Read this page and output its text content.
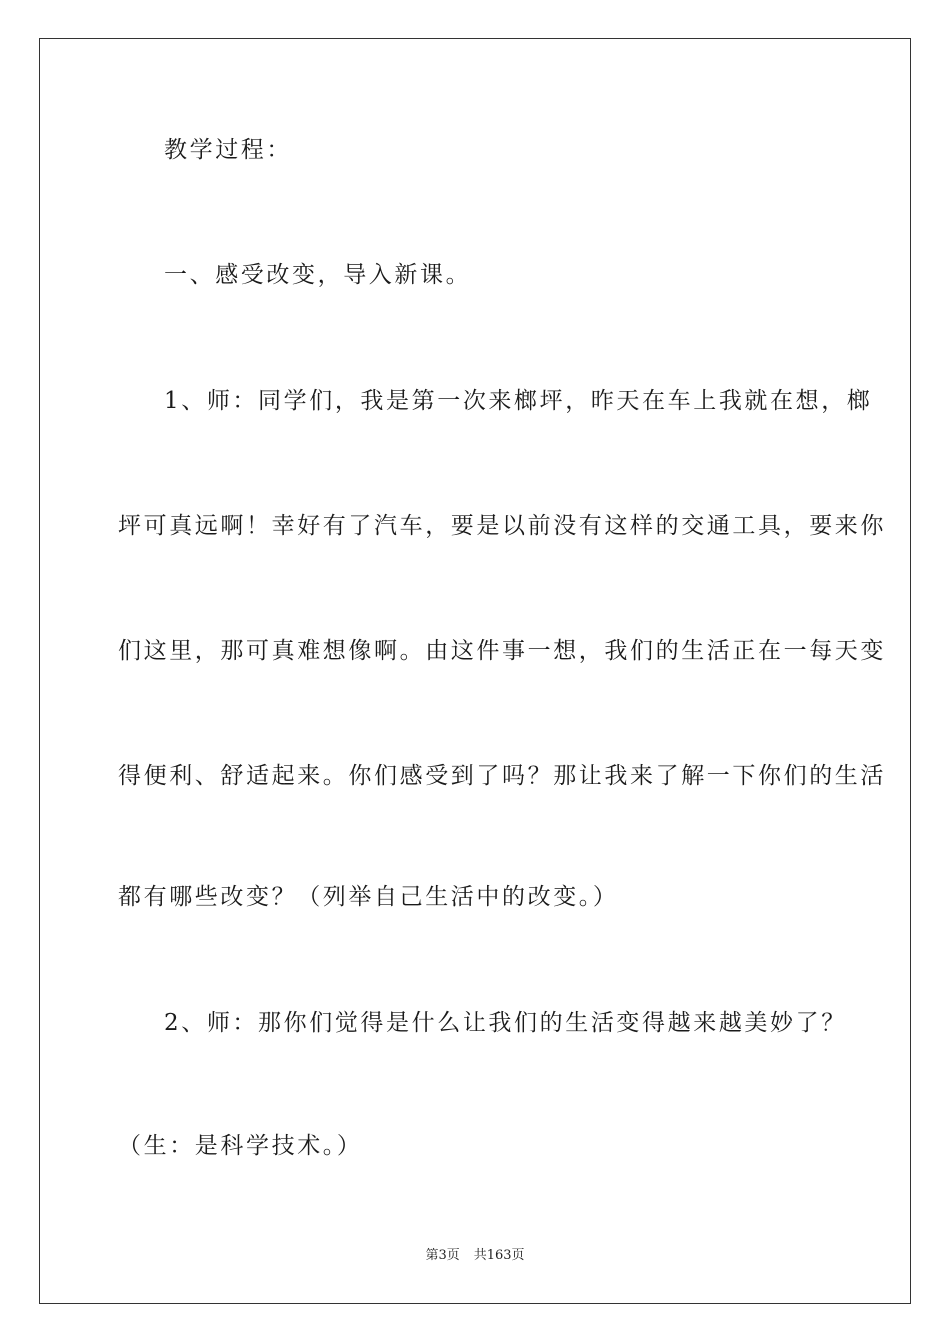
教学过程：
一、感受改变，导入新课。
1、师：同学们，我是第一次来榔坪，昨天在车上我就在想，榔
坪可真远啊！幸好有了汽车，要是以前没有这样的交通工具，要来你
们这里，那可真难想像啊。由这件事一想，我们的生活正在一每天变
得便利、舒适起来。你们感受到了吗？那让我来了解一下你们的生活
都有哪些改变？（列举自己生活中的改变。）
2、师：那你们觉得是什么让我们的生活变得越来越美妙了？
（生：是科学技术。）
第3页 共163页
